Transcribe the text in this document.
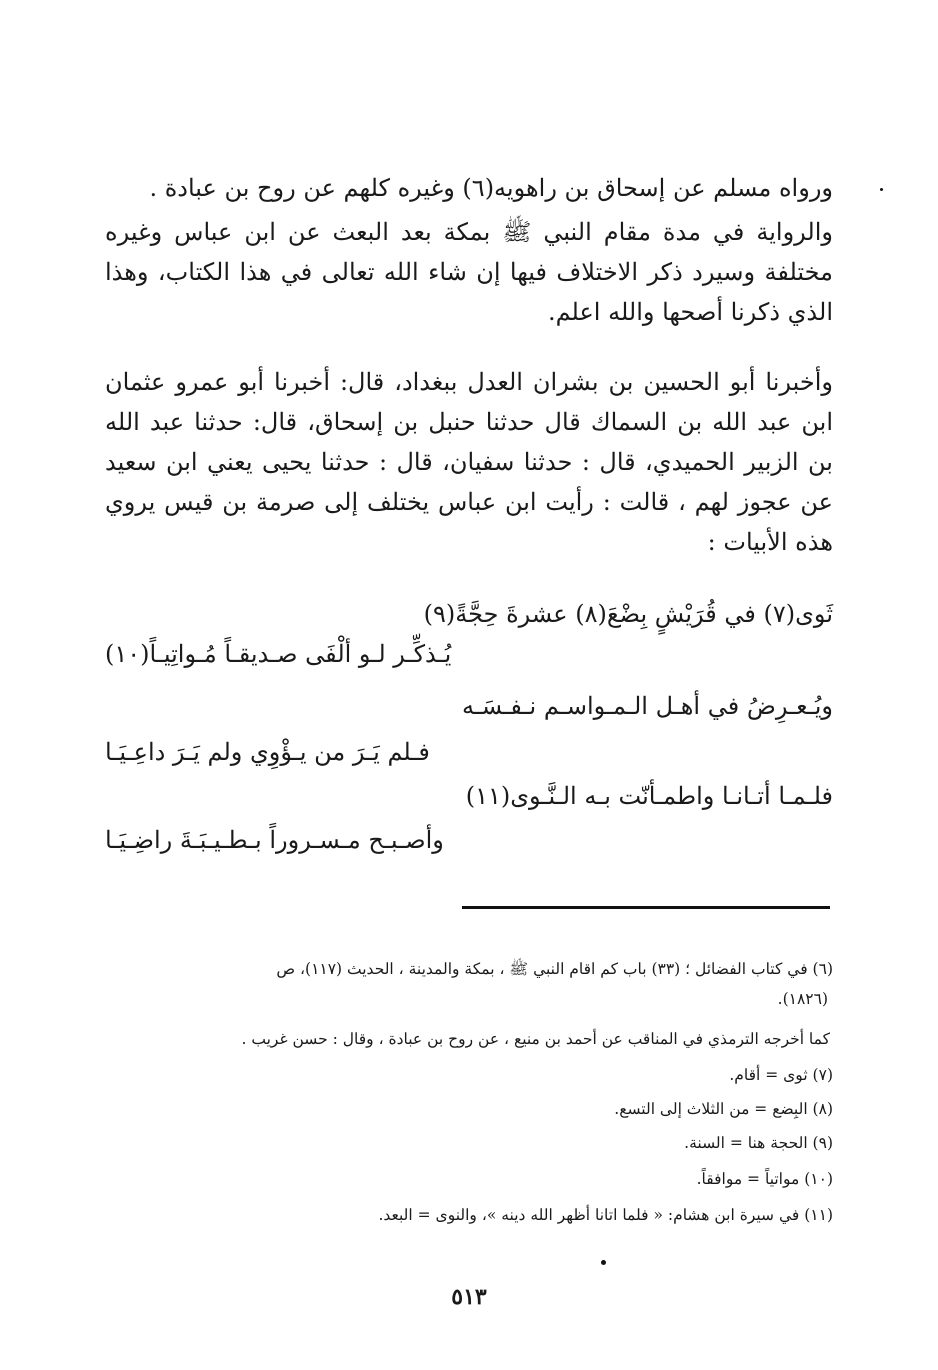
ورواه مسلم عن إسحاق بن راهويه(٦) وغيره كلهم عن روح بن عبادة .

والرواية في مدة مقام النبي ﷺ بمكة بعد البعث عن ابن عباس وغيره مختلفة وسيرد ذكر الاختلاف فيها إن شاء الله تعالى في هذا الكتاب، وهذا الذي ذكرنا أصحها والله اعلم.

وأخبرنا أبو الحسين بن بشران العدل ببغداد، قال: أخبرنا أبو عمرو عثمان ابن عبد الله بن السماك قال حدثنا حنبل بن إسحاق، قال: حدثنا عبد الله بن الزبير الحميدي، قال : حدثنا سفيان، قال : حدثنا يحيى يعني ابن سعيد عن عجوز لهم ، قالت : رأيت ابن عباس يختلف إلى صرمة بن قيس يروي هذه الأبيات :

ثَوى(٧) في قُرَيْشٍ بِضْعَ(٨) عشرةَ حِجَّةً(٩)
يُـذكِّـر لـو ألْفَى صـديقـاً مُـواتِيـاً(١٠)
ويُـعـرِضُ في أهـل الـمـواسـم نـفـسَـه
فـلم يَـرَ من يـؤْوِي ولم يَـرَ داعِـيَـا
فلـمـا أتـانـا واطمـأنّت بـه الـنَّـوى(١١)
وأصـبـح مـسـروراً بـطـيـبَـةَ راضِـيَـا
(٦) في كتاب الفضائل ؛ (٣٣) باب كم اقام النبي ﷺ ، بمكة والمدينة ، الحديث (١١٧)، ص
(١٨٢٦).
كما أخرجه الترمذي في المناقب عن أحمد بن منيع ، عن روح بن عبادة ، وقال : حسن غريب .
(٧) ثوى = أقام.
(٨) البِضع = من الثلاث إلى التسع.
(٩) الحجة هنا = السنة.
(١٠) مواتياً = موافقاً.
(١١) في سيرة ابن هشام: « فلما اتانا أظهر الله دينه »، والنوى = البعد.
٥١٣
